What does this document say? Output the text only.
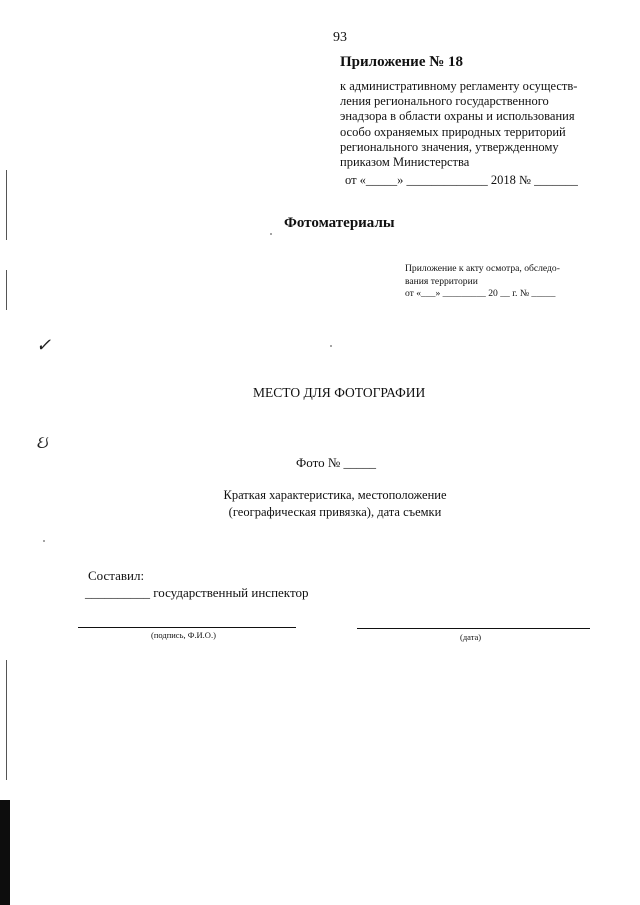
93
Приложение № 18
к административному регламенту осуществ-
ления регионального государственного
энадзора в области охраны и использования
особо охраняемых природных территорий
регионального значения, утвержденному
приказом Министерства
от «_____» _____________ 2018 № _______
Фотоматериалы
Приложение к акту осмотра, обследо-
вания территории
от «___» _________ 20 __ г. № _____
МЕСТО ДЛЯ ФОТОГРАФИИ
Фото № _____
Краткая характеристика, местоположение
(географическая привязка), дата съемки
Составил:
__________ государственный инспектор
(подпись, Ф.И.О.)	(дата)
✓
ઇ
